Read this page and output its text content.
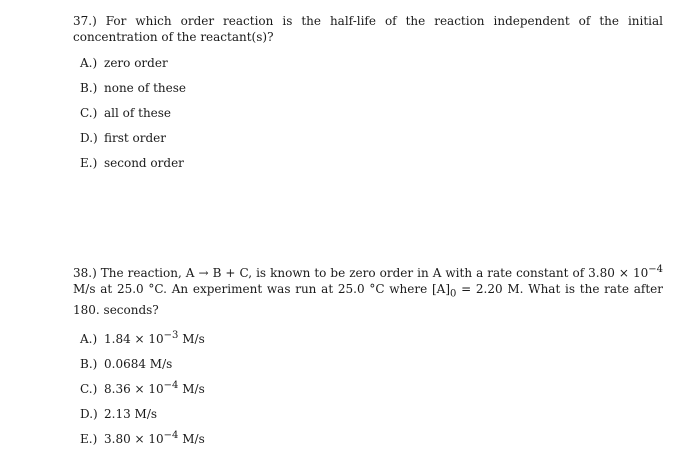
37.) For which order reaction is the half-life of the reaction independent of the initial concentration of the reactant(s)?

A.) zero order
B.) none of these
C.) all of these
D.) first order
E.) second order

38.) The reaction, A → B + C, is known to be zero order in A with a rate constant of $3.80 \times 10^{-4}$ M/s at 25.0 °C. An experiment was run at 25.0 °C where $[A]_0 = 2.20$ M. What is the rate after 180. seconds?

A.) $1.84 \times 10^{-3}$ M/s
B.) 0.0684 M/s
C.) $8.36 \times 10^{-4}$ M/s
D.) 2.13 M/s
E.) $3.80 \times 10^{-4}$ M/s
